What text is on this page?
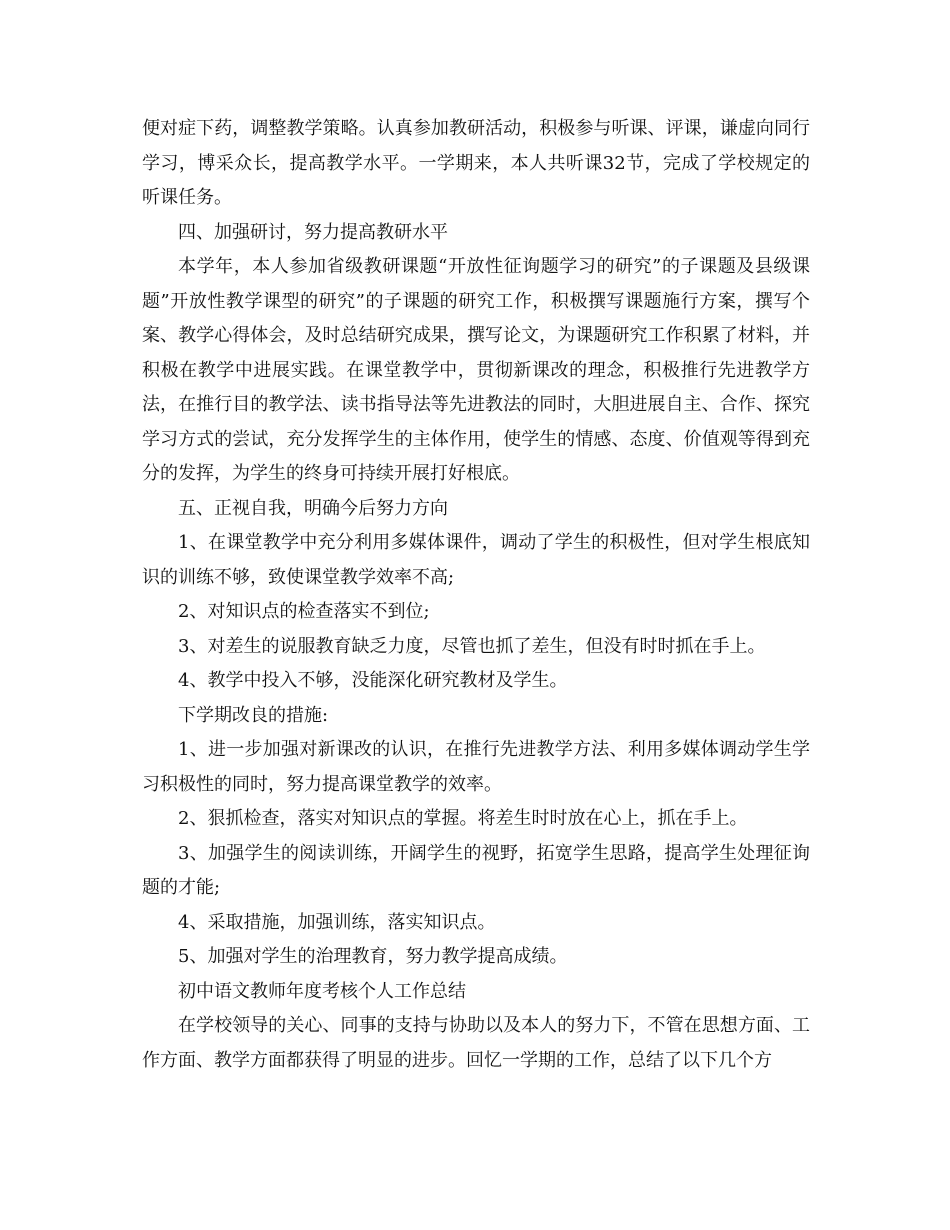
便对症下药，调整教学策略。认真参加教研活动，积极参与听课、评课，谦虚向同行学习，博采众长，提高教学水平。一学期来，本人共听课32节，完成了学校规定的听课任务。

四、加强研讨，努力提高教研水平

本学年，本人参加省级教研课题“开放性征询题学习的研究”的子课题及县级课题”开放性教学课型的研究”的子课题的研究工作，积极撰写课题施行方案，撰写个案、教学心得体会，及时总结研究成果，撰写论文，为课题研究工作积累了材料，并积极在教学中进展实践。在课堂教学中，贯彻新课改的理念，积极推行先进教学方法，在推行目的教学法、读书指导法等先进教法的同时，大胆进展自主、合作、探究学习方式的尝试，充分发挥学生的主体作用，使学生的情感、态度、价值观等得到充分的发挥，为学生的终身可持续开展打好根底。

五、正视自我，明确今后努力方向

1、在课堂教学中充分利用多媒体课件，调动了学生的积极性，但对学生根底知识的训练不够，致使课堂教学效率不高;

2、对知识点的检查落实不到位;

3、对差生的说服教育缺乏力度，尽管也抓了差生，但没有时时抓在手上。

4、教学中投入不够，没能深化研究教材及学生。

下学期改良的措施:

1、进一步加强对新课改的认识，在推行先进教学方法、利用多媒体调动学生学习积极性的同时，努力提高课堂教学的效率。

2、狠抓检查，落实对知识点的掌握。将差生时时放在心上，抓在手上。

3、加强学生的阅读训练，开阔学生的视野，拓宽学生思路，提高学生处理征询题的才能;

4、采取措施，加强训练，落实知识点。

5、加强对学生的治理教育，努力教学提高成绩。

初中语文教师年度考核个人工作总结

在学校领导的关心、同事的支持与协助以及本人的努力下，不管在思想方面、工作方面、教学方面都获得了明显的进步。回忆一学期的工作，总结了以下几个方
